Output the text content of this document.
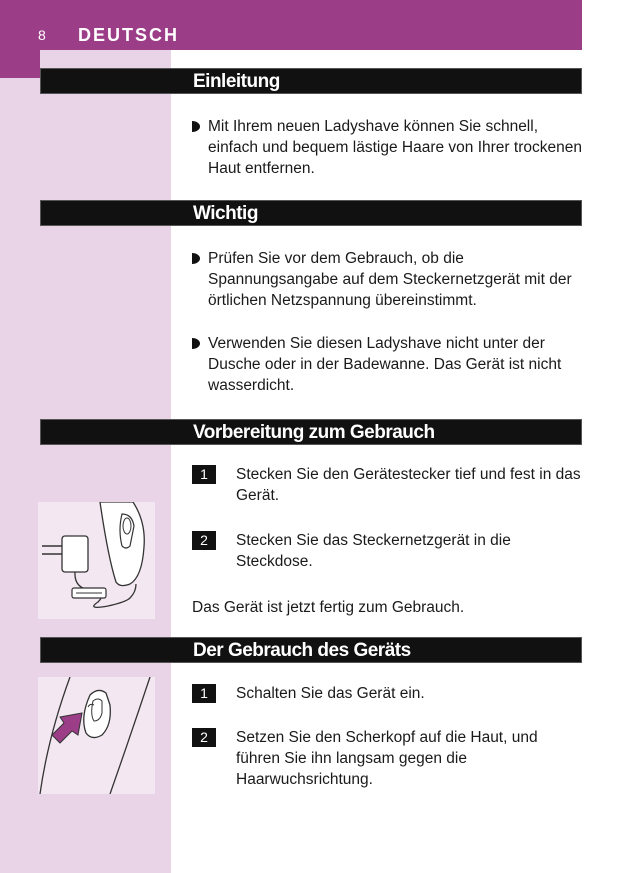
8 DEUTSCH
Einleitung
Mit Ihrem neuen Ladyshave können Sie schnell, einfach und bequem lästige Haare von Ihrer trockenen Haut entfernen.
Wichtig
Prüfen Sie vor dem Gebrauch, ob die Spannungsangabe auf dem Steckernetzgerät mit der örtlichen Netzspannung übereinstimmt.
Verwenden Sie diesen Ladyshave nicht unter der Dusche oder in der Badewanne. Das Gerät ist nicht wasserdicht.
Vorbereitung zum Gebrauch
1	Stecken Sie den Gerätestecker tief und fest in das Gerät.
2	Stecken Sie das Steckernetzgerät in die Steckdose.
Das Gerät ist jetzt fertig zum Gebrauch.
Der Gebrauch des Geräts
1	Schalten Sie das Gerät ein.
2	Setzen Sie den Scherkopf auf die Haut, und führen Sie ihn langsam gegen die Haarwuchsrichtung.
